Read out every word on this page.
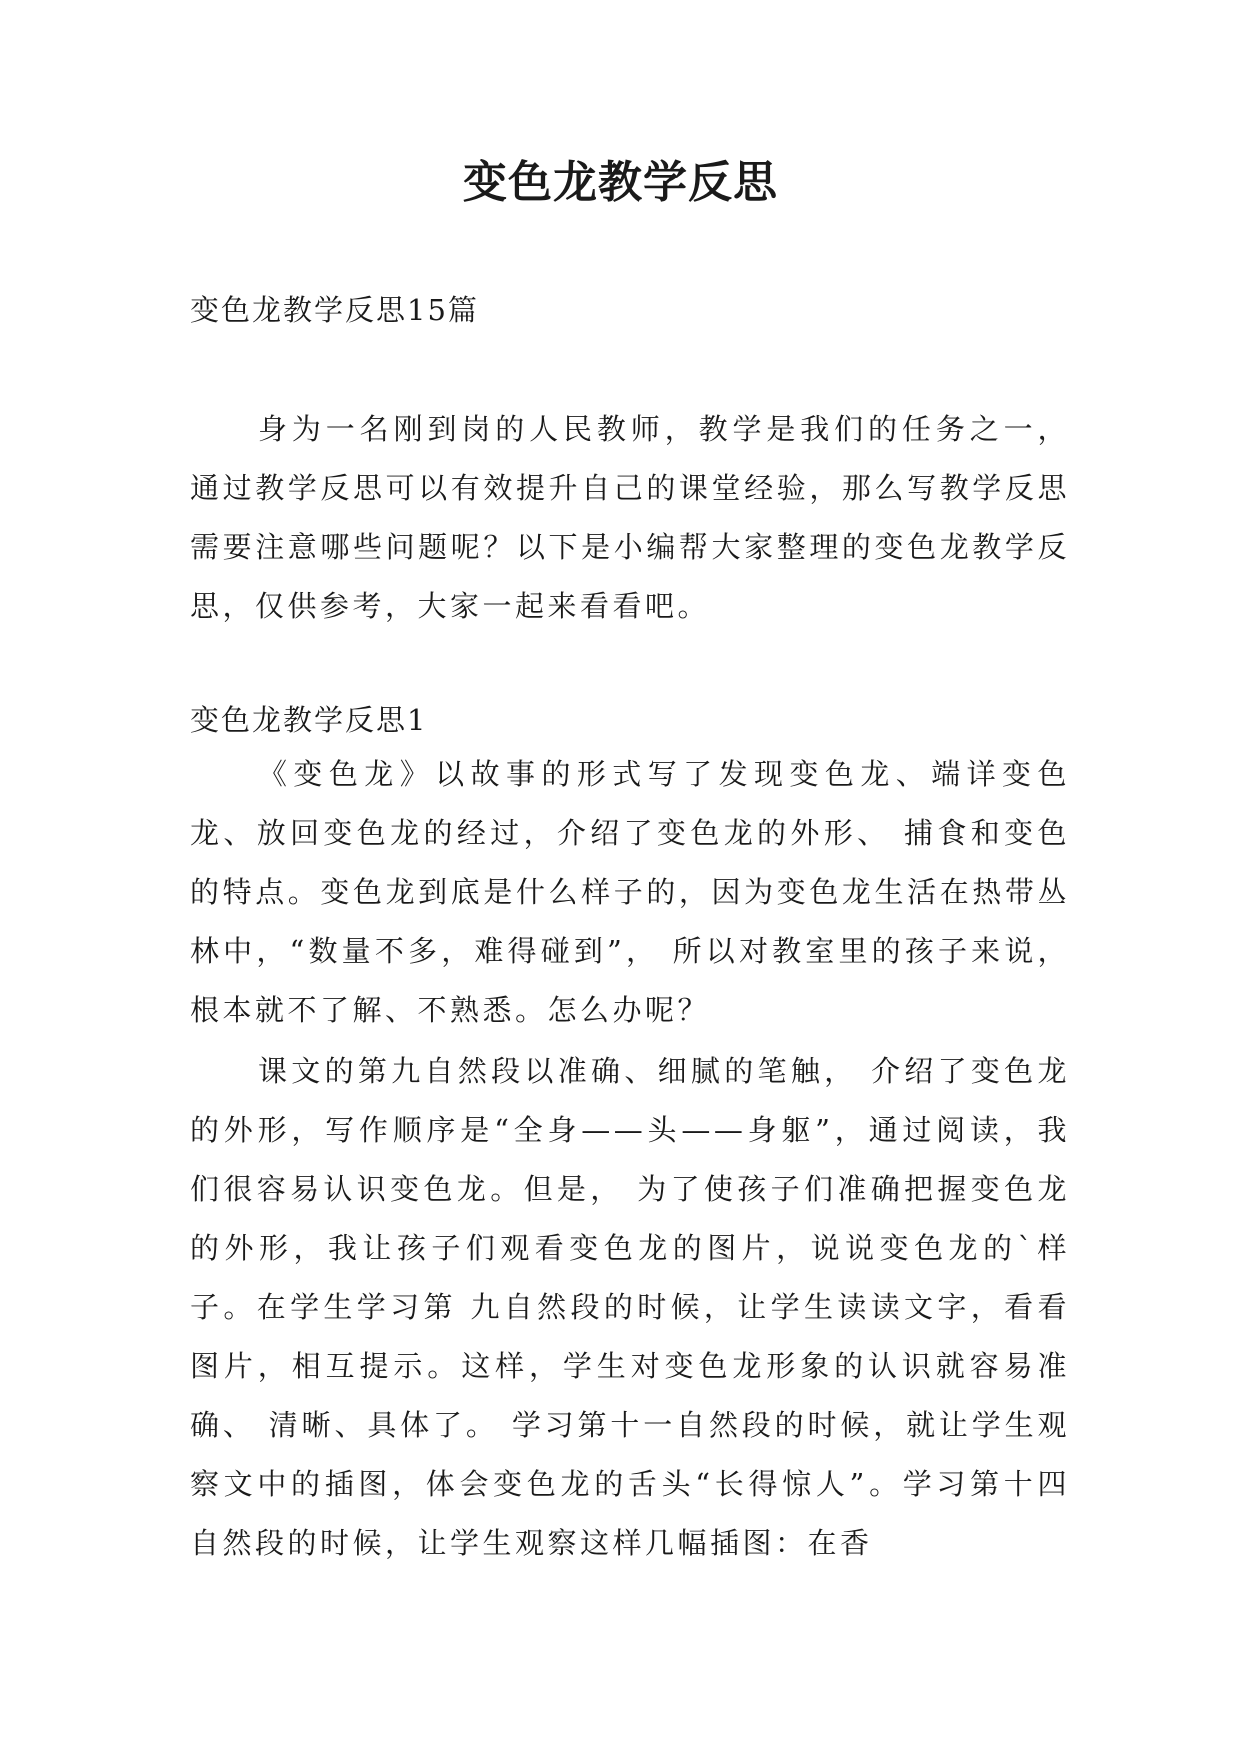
变色龙教学反思

变色龙教学反思15篇

身为一名刚到岗的人民教师，教学是我们的任务之一，通过教学反思可以有效提升自己的课堂经验，那么写教学反思需要注意哪些问题呢？以下是小编帮大家整理的变色龙教学反思，仅供参考，大家一起来看看吧。

变色龙教学反思1

《变色龙》以故事的形式写了发现变色龙、端详变色龙、放回变色龙的经过，介绍了变色龙的外形、 捕食和变色的特点。变色龙到底是什么样子的，因为变色龙生活在热带丛林中，“数量不多，难得碰到”， 所以对教室里的孩子来说，根本就不了解、不熟悉。怎么办呢？

课文的第九自然段以准确、细腻的笔触， 介绍了变色龙的外形，写作顺序是“全身——头——身躯”，通过阅读，我们很容易认识变色龙。但是， 为了使孩子们准确把握变色龙的外形，我让孩子们观看变色龙的图片，说说变色龙的`样子。在学生学习第 九自然段的时候，让学生读读文字，看看图片，相互提示。这样，学生对变色龙形象的认识就容易准确、 清晰、具体了。 学习第十一自然段的时候，就让学生观察文中的插图，体会变色龙的舌头“长得惊人”。学习第十四 自然段的时候，让学生观察这样几幅插图：在香
